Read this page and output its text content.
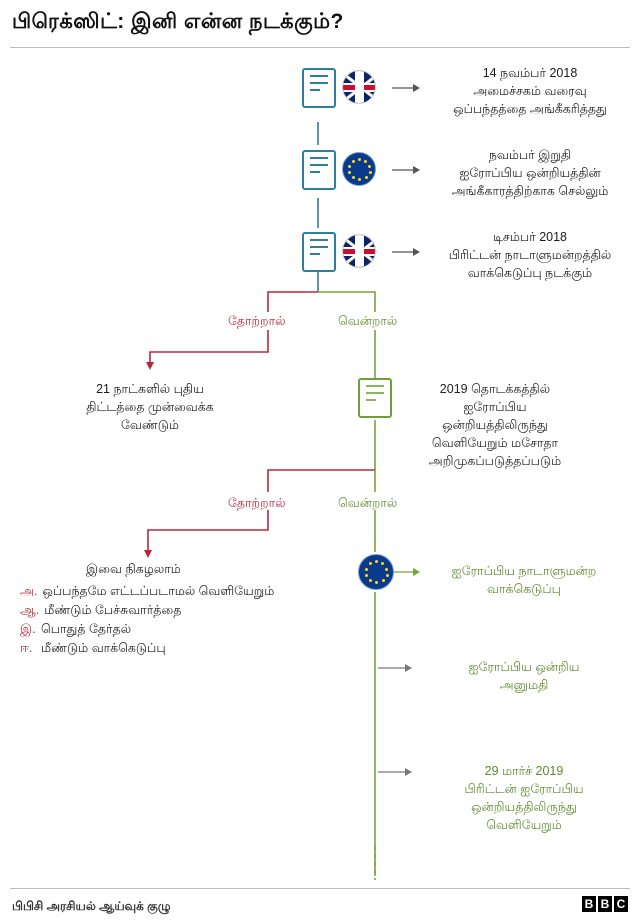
பிரெக்ஸிட்: இனி என்ன நடக்கும்?
14 நவம்பர் 2018
அமைச்சகம் வரைவு
ஒப்பந்தத்தை அங்கீகரித்தது
நவம்பர் இறுதி
ஐரோப்பிய ஒன்றியத்தின்
அங்கீகாரத்திற்காக செல்லும்
டிசம்பர் 2018
பிரிட்டன் நாடாளுமன்றத்தில்
வாக்கெடுப்பு நடக்கும்
தோற்றால்	வென்றால்
21 நாட்களில் புதிய
திட்டத்தை முன்வைக்க
வேண்டும்
2019 தொடக்கத்தில்
ஐரோப்பிய
ஒன்றியத்திலிருந்து
வெளியேறும் மசோதா
அறிமுகப்படுத்தப்படும்
தோற்றால்	வென்றால்
இவை நிகழலாம்
அ. ஒப்பந்தமே எட்டப்படாமல் வெளியேறும்
ஆ. மீண்டும் பேச்சுவார்த்தை
இ. பொதுத் தேர்தல்
ஈ. மீண்டும் வாக்கெடுப்பு
ஐரோப்பிய நாடாளுமன்ற
வாக்கெடுப்பு
ஐரோப்பிய ஒன்றிய
அனுமதி
29 மார்ச் 2019
பிரிட்டன் ஐரோப்பிய
ஒன்றியத்திலிருந்து
வெளியேறும்
பிபிசி அரசியல் ஆய்வுக் குழு	B B C
